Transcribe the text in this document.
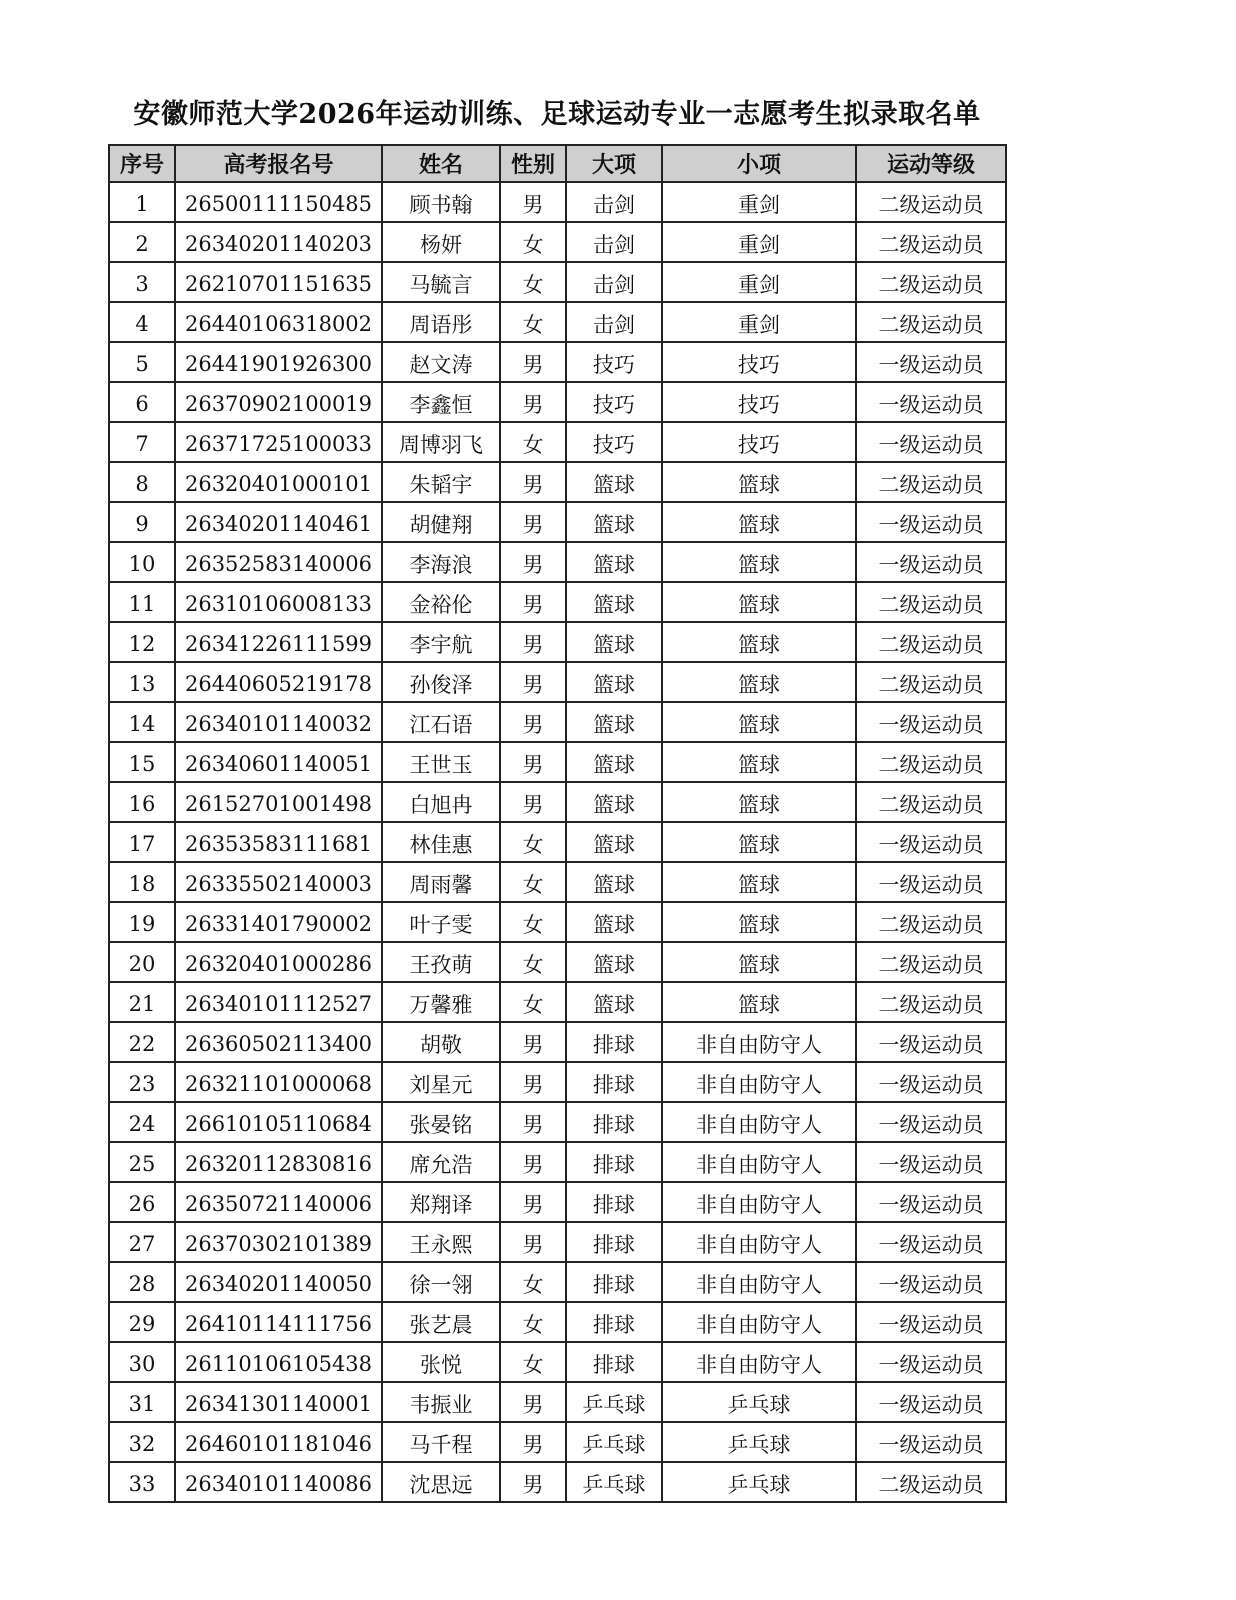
安徽师范大学2026年运动训练、足球运动专业一志愿考生拟录取名单
序号	高考报名号	姓名	性别	大项	小项	运动等级
1	26500111150485	顾书翰	男	击剑	重剑	二级运动员
2	26340201140203	杨妍	女	击剑	重剑	二级运动员
3	26210701151635	马毓言	女	击剑	重剑	二级运动员
4	26440106318002	周语彤	女	击剑	重剑	二级运动员
5	26441901926300	赵文涛	男	技巧	技巧	一级运动员
6	26370902100019	李鑫恒	男	技巧	技巧	一级运动员
7	26371725100033	周博羽飞	女	技巧	技巧	一级运动员
8	26320401000101	朱韬宇	男	篮球	篮球	二级运动员
9	26340201140461	胡健翔	男	篮球	篮球	一级运动员
10	26352583140006	李海浪	男	篮球	篮球	一级运动员
11	26310106008133	金裕伦	男	篮球	篮球	二级运动员
12	26341226111599	李宇航	男	篮球	篮球	二级运动员
13	26440605219178	孙俊泽	男	篮球	篮球	二级运动员
14	26340101140032	江石语	男	篮球	篮球	一级运动员
15	26340601140051	王世玉	男	篮球	篮球	二级运动员
16	26152701001498	白旭冉	男	篮球	篮球	二级运动员
17	26353583111681	林佳惠	女	篮球	篮球	一级运动员
18	26335502140003	周雨馨	女	篮球	篮球	一级运动员
19	26331401790002	叶子雯	女	篮球	篮球	二级运动员
20	26320401000286	王孜萌	女	篮球	篮球	二级运动员
21	26340101112527	万馨雅	女	篮球	篮球	二级运动员
22	26360502113400	胡敬	男	排球	非自由防守人	一级运动员
23	26321101000068	刘星元	男	排球	非自由防守人	一级运动员
24	26610105110684	张晏铭	男	排球	非自由防守人	一级运动员
25	26320112830816	席允浩	男	排球	非自由防守人	一级运动员
26	26350721140006	郑翔译	男	排球	非自由防守人	一级运动员
27	26370302101389	王永熙	男	排球	非自由防守人	一级运动员
28	26340201140050	徐一翎	女	排球	非自由防守人	一级运动员
29	26410114111756	张艺晨	女	排球	非自由防守人	一级运动员
30	26110106105438	张悦	女	排球	非自由防守人	一级运动员
31	26341301140001	韦振业	男	乒乓球	乒乓球	一级运动员
32	26460101181046	马千程	男	乒乓球	乒乓球	一级运动员
33	26340101140086	沈思远	男	乒乓球	乒乓球	二级运动员
